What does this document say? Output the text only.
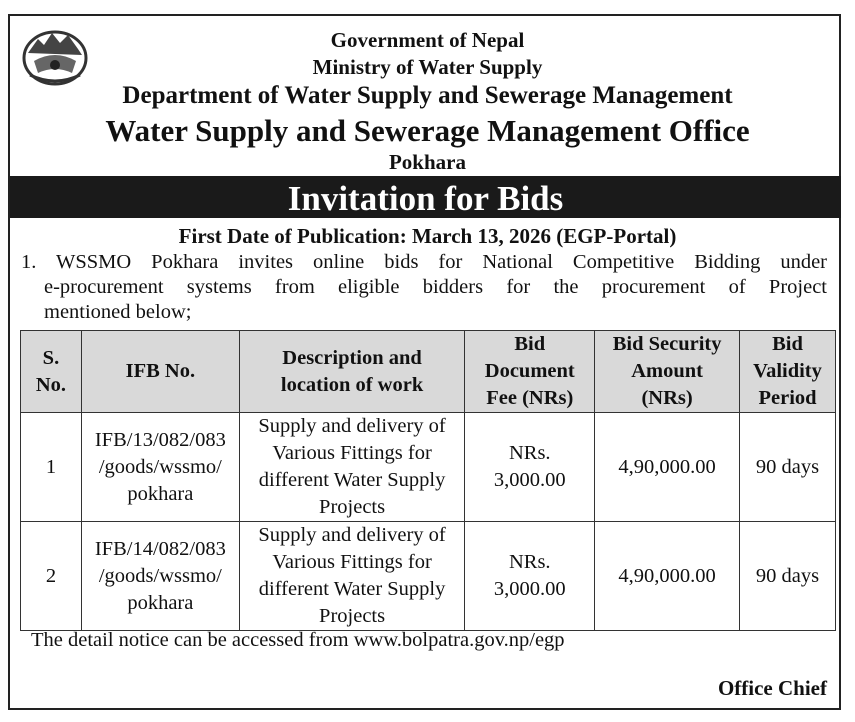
Government of Nepal
Ministry of Water Supply
Department of Water Supply and Sewerage Management
Water Supply and Sewerage Management Office
Pokhara
Invitation for Bids
First Date of Publication: March 13, 2026 (EGP-Portal)
1. WSSMO Pokhara invites online bids for National Competitive Bidding under
e-procurement systems from eligible bidders for the procurement of Project
mentioned below;
S.
No.	IFB No.	Description and
location of work	Bid
Document
Fee (NRs)	Bid Security
Amount
(NRs)	Bid
Validity
Period
1	IFB/13/082/083
/goods/wssmo/
pokhara	Supply and delivery of
Various Fittings for
different Water Supply
Projects	NRs.
3,000.00	4,90,000.00	90 days
2	IFB/14/082/083
/goods/wssmo/
pokhara	Supply and delivery of
Various Fittings for
different Water Supply
Projects	NRs.
3,000.00	4,90,000.00	90 days
The detail notice can be accessed from www.bolpatra.gov.np/egp
Office Chief
